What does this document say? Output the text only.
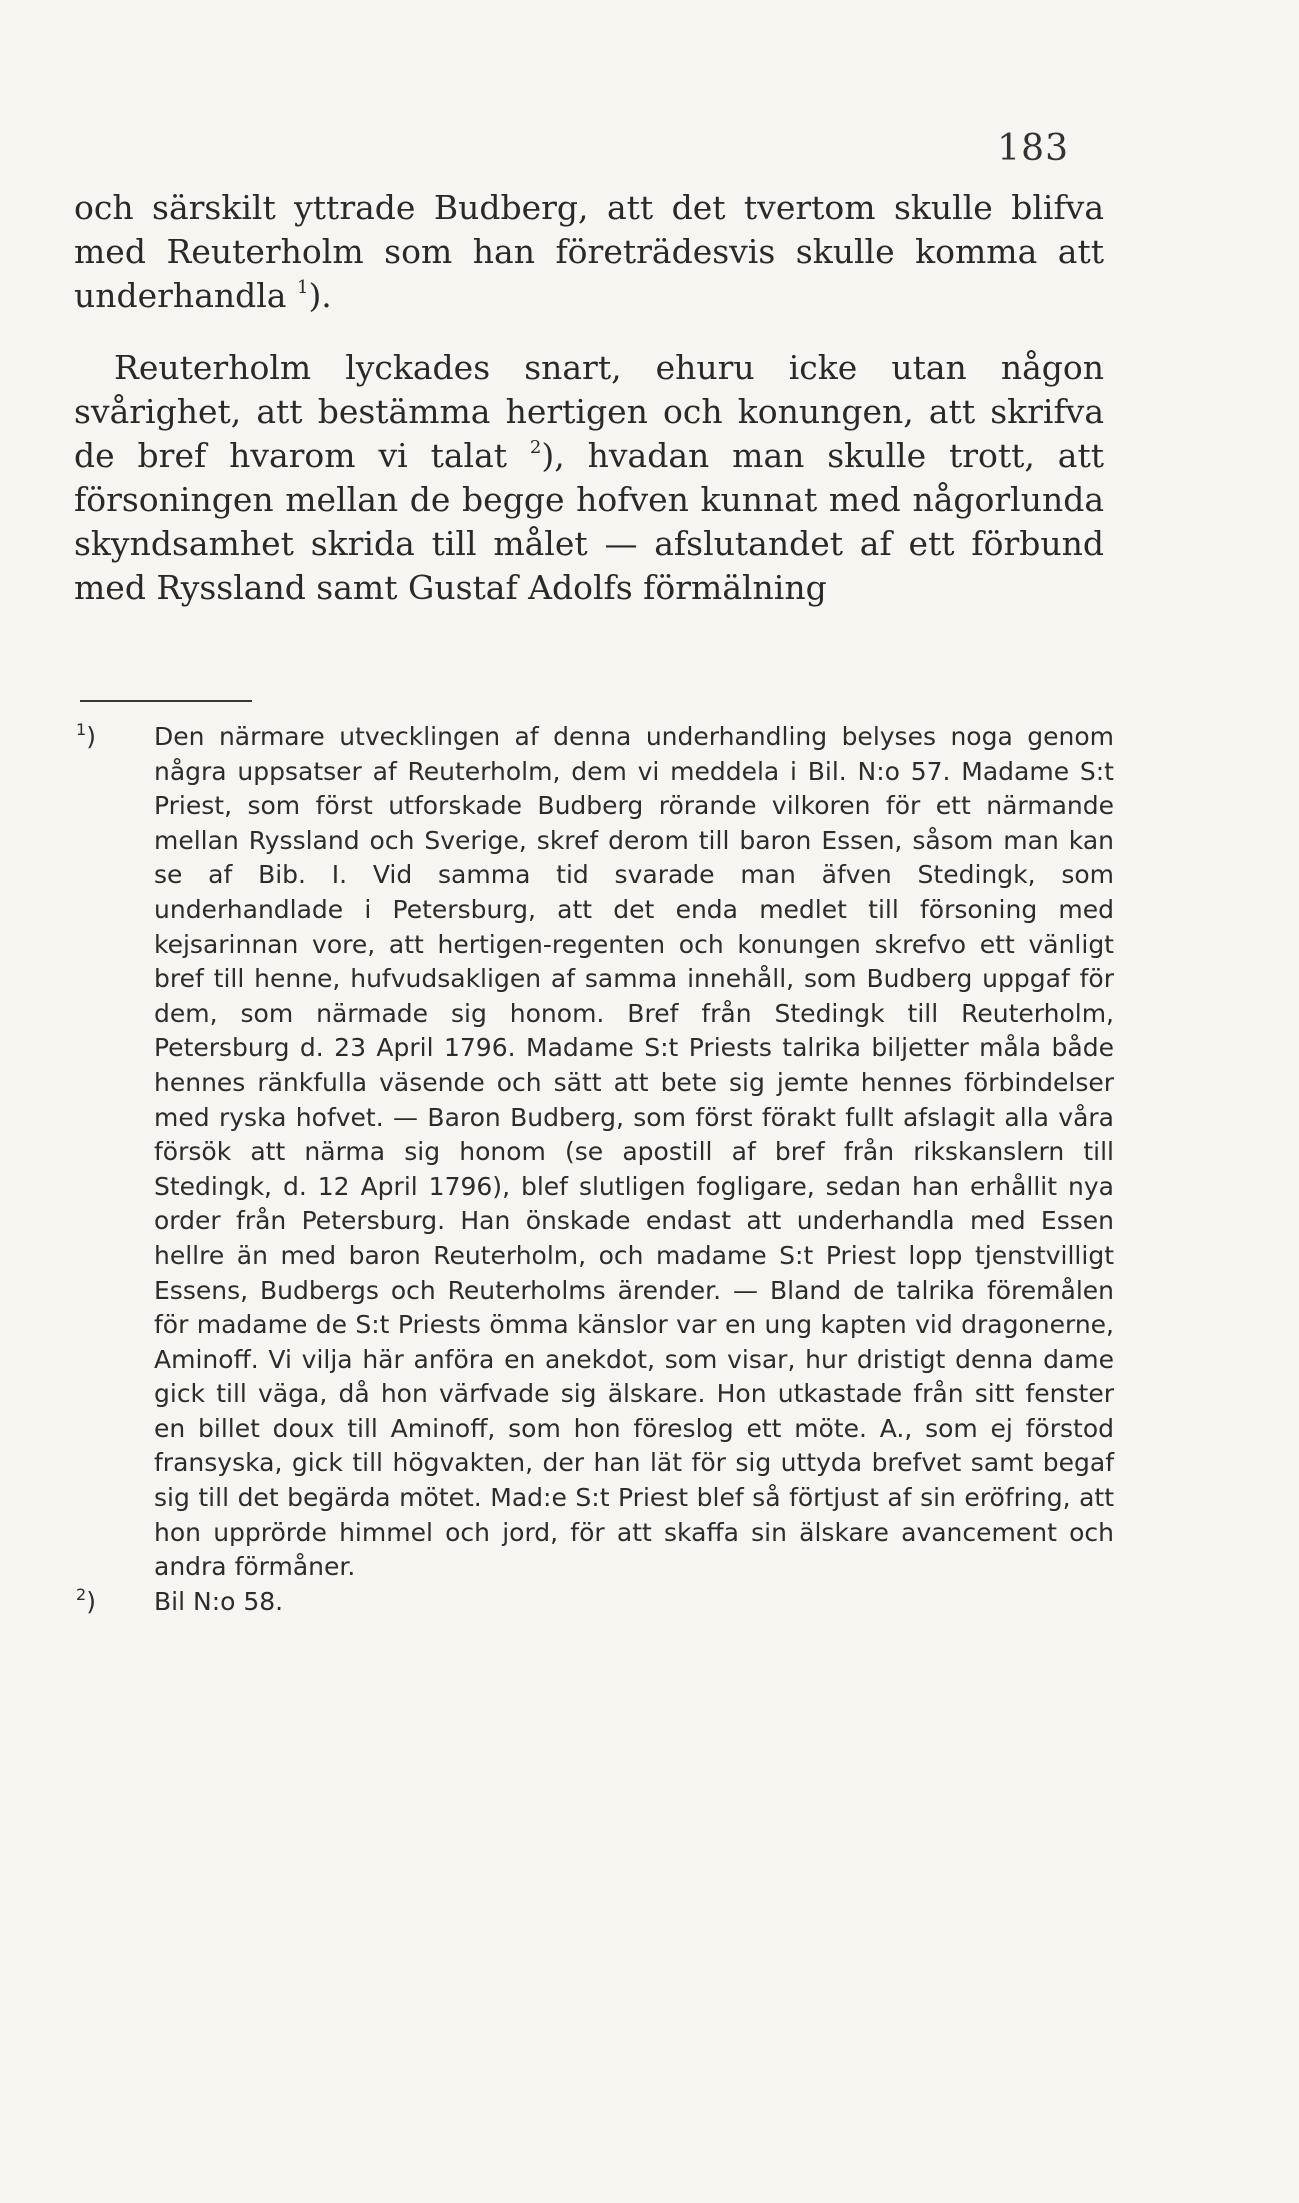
183

och särskilt yttrade Budberg, att det tvertom skulle blifva med Reuterholm som han företrädesvis skulle komma att underhandla $^1$).

Reuterholm lyckades snart, ehuru icke utan någon svårighet, att bestämma hertigen och konungen, att skrifva de bref hvarom vi talat $^2$), hvadan man skulle trott, att försoningen mellan de begge hofven kunnat med någorlunda skyndsamhet skrida till målet — afslutandet af ett förbund med Ryssland samt Gustaf Adolfs förmälning

$^1$)	Den närmare utvecklingen af denna underhandling belyses noga genom några uppsatser af Reuterholm, dem vi meddela i Bil. N:o 57. Madame S:t Priest, som först utforskade Budberg rörande vilkoren för ett närmande mellan Ryssland och Sverige, skref derom till baron Essen, såsom man kan se af Bib. I. Vid samma tid svarade man äfven Stedingk, som underhandlade i Petersburg, att det enda medlet till försoning med kejsarinnan vore, att hertigen-regenten och konungen skrefvo ett vänligt bref till henne, hufvudsakligen af samma innehåll, som Budberg uppgaf för dem, som närmade sig honom. Bref från Stedingk till Reuterholm, Petersburg d. 23 April 1796. Madame S:t Priests talrika biljetter måla både hennes ränkfulla väsende och sätt att bete sig jemte hennes förbindelser med ryska hofvet. — Baron Budberg, som först förakt fullt afslagit alla våra försök att närma sig honom (se apostill af bref från rikskanslern till Stedingk, d. 12 April 1796), blef slutligen fogligare, sedan han erhållit nya order från Petersburg. Han önskade endast att underhandla med Essen hellre än med baron Reuterholm, och madame S:t Priest lopp tjenstvilligt Essens, Budbergs och Reuterholms ärender. — Bland de talrika föremålen för madame de S:t Priests ömma känslor var en ung kapten vid dragonerne, Aminoff. Vi vilja här anföra en anekdot, som visar, hur dristigt denna dame gick till väga, då hon värfvade sig älskare. Hon utkastade från sitt fenster en billet doux till Aminoff, som hon föreslog ett möte. A., som ej förstod fransyska, gick till högvakten, der han lät för sig uttyda brefvet samt begaf sig till det begärda mötet. Mad:e S:t Priest blef så förtjust af sin eröfring, att hon upprörde himmel och jord, för att skaffa sin älskare avancement och andra förmåner.

$^2$)	Bil N:o 58.
